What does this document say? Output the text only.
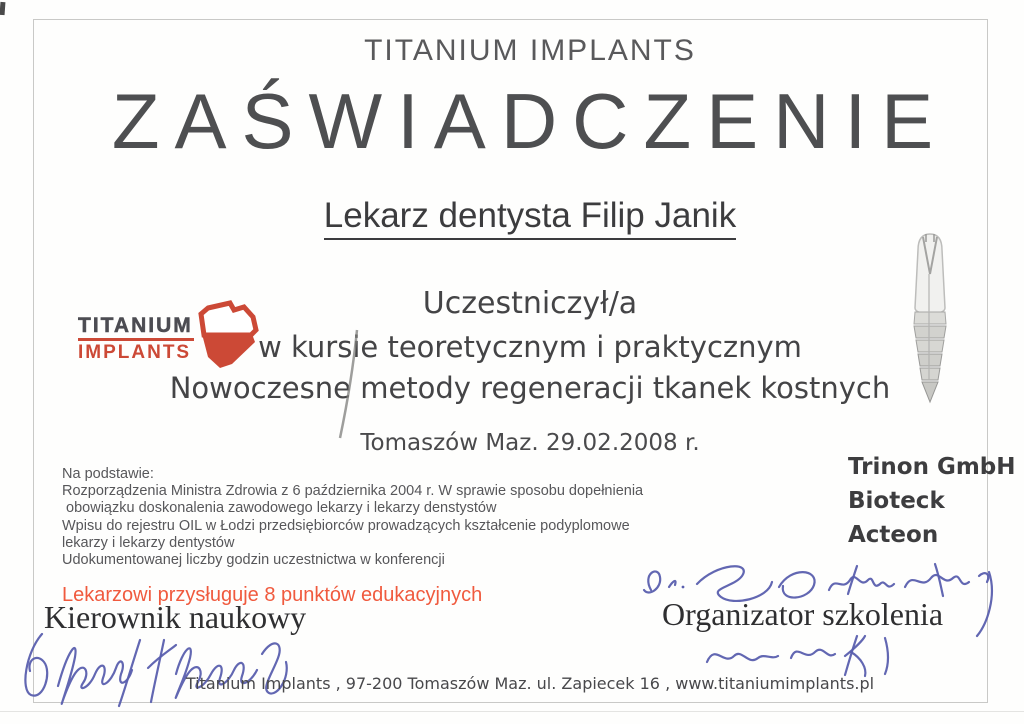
TITANIUM IMPLANTS
ZAŚWIADCZENIE
Lekarz dentysta Filip Janik
Uczestniczył/a
w kursie teoretycznym i praktycznym
Nowoczesne metody regeneracji tkanek kostnych
Tomaszów Maz. 29.02.2008 r.
TITANIUM
IMPLANTS
Trinon GmbH
Bioteck
Acteon
Na podstawie:
Rozporządzenia Ministra Zdrowia z 6 października 2004 r. W sprawie sposobu dopełnienia
obowiązku doskonalenia zawodowego lekarzy i lekarzy denstystów
Wpisu do rejestru OIL w Łodzi przedsiębiorców prowadzących kształcenie podyplomowe
lekarzy i lekarzy dentystów
Udokumentowanej liczby godzin uczestnictwa w konferencji
Lekarzowi przysługuje 8 punktów edukacyjnych
Kierownik naukowy	Organizator szkolenia
Titanium Implants , 97-200 Tomaszów Maz. ul. Zapiecek 16 , www.titaniumimplants.pl
